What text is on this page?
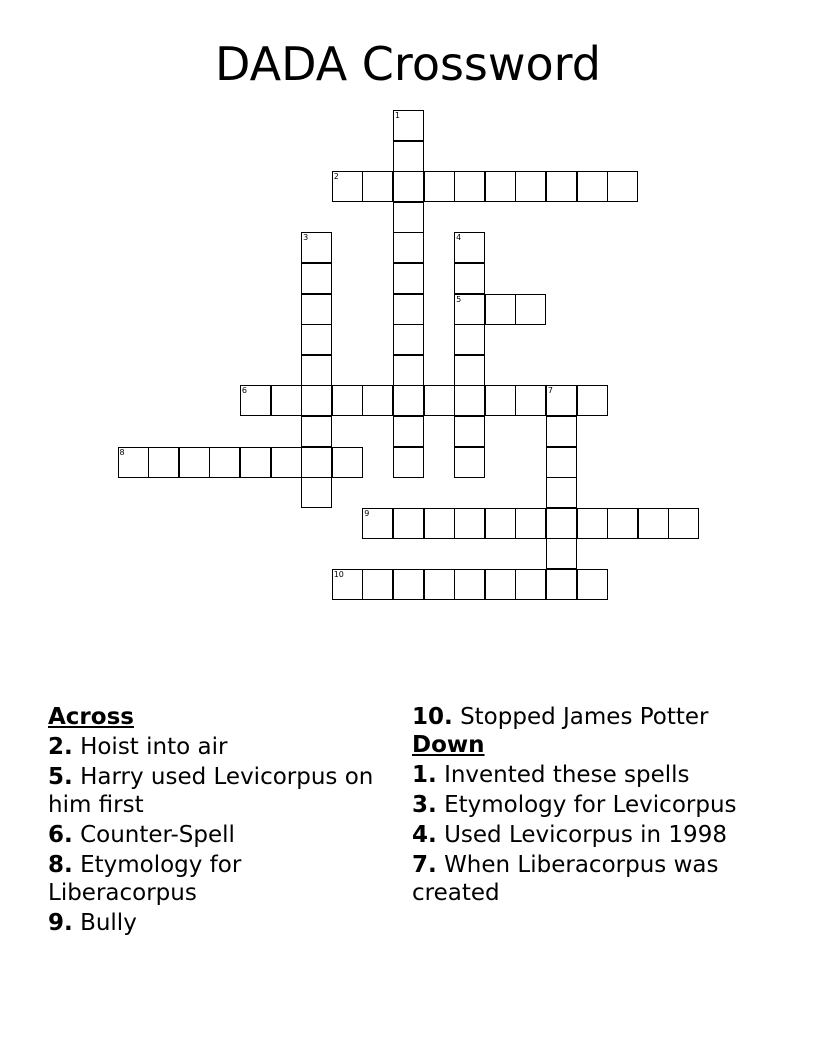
DADA Crossword
1
2
3	4
5
6	7
8
9
10
Across
2. Hoist into air
5. Harry used Levicorpus on him first
6. Counter-Spell
8. Etymology for Liberacorpus
9. Bully
10. Stopped James Potter
Down
1. Invented these spells
3. Etymology for Levicorpus
4. Used Levicorpus in 1998
7. When Liberacorpus was created
